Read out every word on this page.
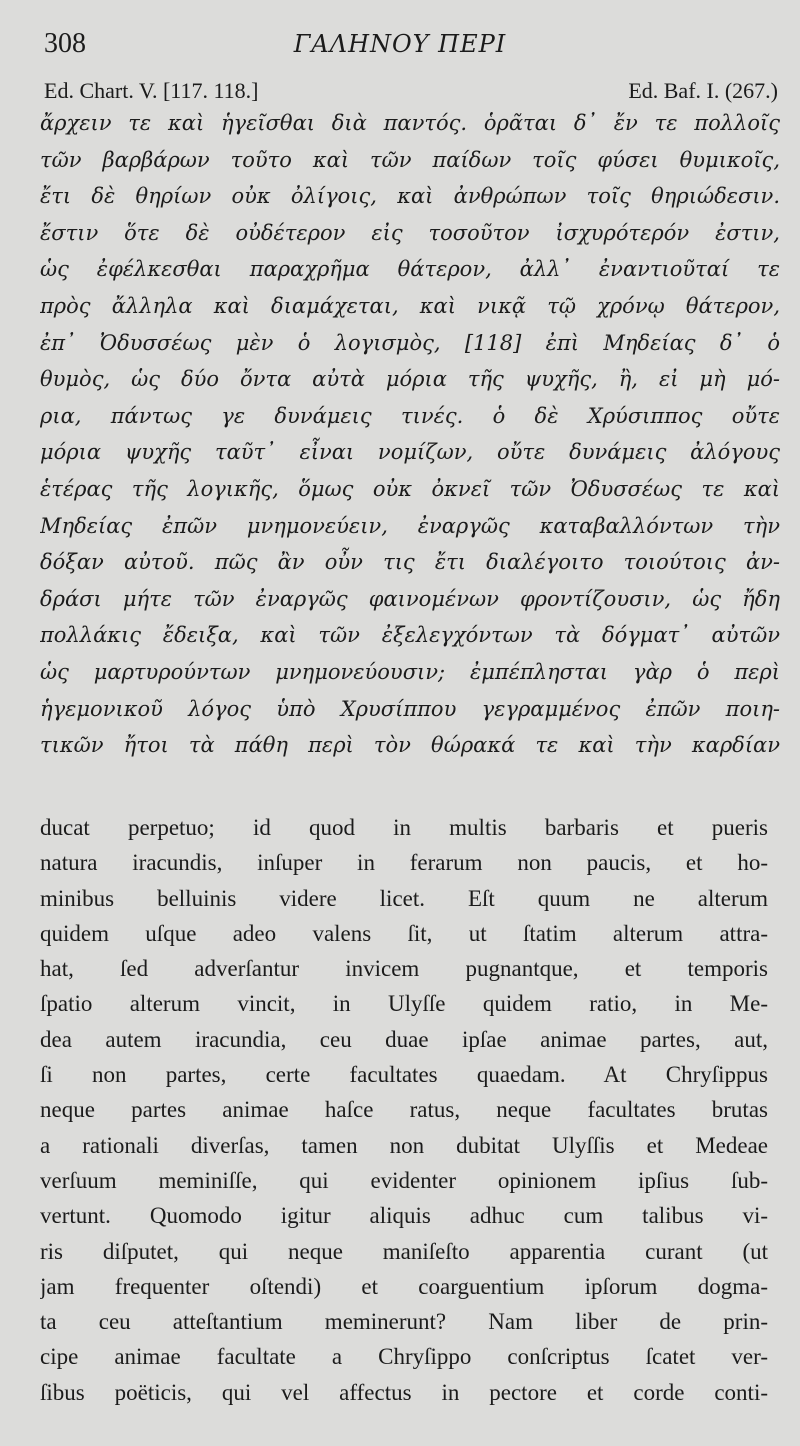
308	ΓΑΛΗΝΟΥ ΠΕΡΙ
Ed. Chart. V. [117. 118.]	Ed. Baf. I. (267.)
ἄρχειν τε καὶ ἡγεῖσθαι διὰ παντός. ὁρᾶται δ᾽ ἔν τε πολλοῖς
τῶν βαρβάρων τοῦτο καὶ τῶν παίδων τοῖς φύσει θυμικοῖς,
ἔτι δὲ θηρίων οὐκ ὀλίγοις, καὶ ἀνθρώπων τοῖς θηριώδεσιν.
ἔστιν ὅτε δὲ οὐδέτερον εἰς τοσοῦτον ἰσχυρότερόν ἐστιν,
ὡς ἐφέλκεσθαι παραχρῆμα θάτερον, ἀλλ᾽ ἐναντιοῦταί τε
πρὸς ἄλληλα καὶ διαμάχεται, καὶ νικᾷ τῷ χρόνῳ θάτερον,
ἐπ᾽ Ὀδυσσέως μὲν ὁ λογισμὸς, [118] ἐπὶ Μηδείας δ᾽ ὁ
θυμὸς, ὡς δύο ὄντα αὐτὰ μόρια τῆς ψυχῆς, ἢ, εἰ μὴ μό-
ρια, πάντως γε δυνάμεις τινές. ὁ δὲ Χρύσιππος οὔτε
μόρια ψυχῆς ταῦτ᾽ εἶναι νομίζων, οὔτε δυνάμεις ἀλόγους
ἑτέρας τῆς λογικῆς, ὅμως οὐκ ὀκνεῖ τῶν Ὀδυσσέως τε καὶ
Μηδείας ἐπῶν μνημονεύειν, ἐναργῶς καταβαλλόντων τὴν
δόξαν αὐτοῦ. πῶς ἂν οὖν τις ἔτι διαλέγοιτο τοιούτοις ἀν-
δράσι μήτε τῶν ἐναργῶς φαινομένων φροντίζουσιν, ὡς ἤδη
πολλάκις ἔδειξα, καὶ τῶν ἐξελεγχόντων τὰ δόγματ᾽ αὐτῶν
ὡς μαρτυρούντων μνημονεύουσιν; ἐμπέπλησται γὰρ ὁ περὶ
ἡγεμονικοῦ λόγος ὑπὸ Χρυσίππου γεγραμμένος ἐπῶν ποιη-
τικῶν ἤτοι τὰ πάθη περὶ τὸν θώρακά τε καὶ τὴν καρδίαν
ducat perpetuo; id quod in multis barbaris et pueris
natura iracundis, inſuper in ferarum non paucis, et ho-
minibus belluinis videre licet. Eſt quum ne alterum
quidem uſque adeo valens ſit, ut ſtatim alterum attra-
hat, ſed adverſantur invicem pugnantque, et temporis
ſpatio alterum vincit, in Ulyſſe quidem ratio, in Me-
dea autem iracundia, ceu duae ipſae animae partes, aut,
ſi non partes, certe facultates quaedam. At Chryſippus
neque partes animae haſce ratus, neque facultates brutas
a rationali diverſas, tamen non dubitat Ulyſſis et Medeae
verſuum meminiſſe, qui evidenter opinionem ipſius ſub-
vertunt. Quomodo igitur aliquis adhuc cum talibus vi-
ris diſputet, qui neque maniſeſto apparentia curant (ut
jam frequenter oſtendi) et coarguentium ipſorum dogma-
ta ceu atteſtantium meminerunt? Nam liber de prin-
cipe animae facultate a Chryſippo conſcriptus ſcatet ver-
ſibus poëticis, qui vel affectus in pectore et corde conti-
